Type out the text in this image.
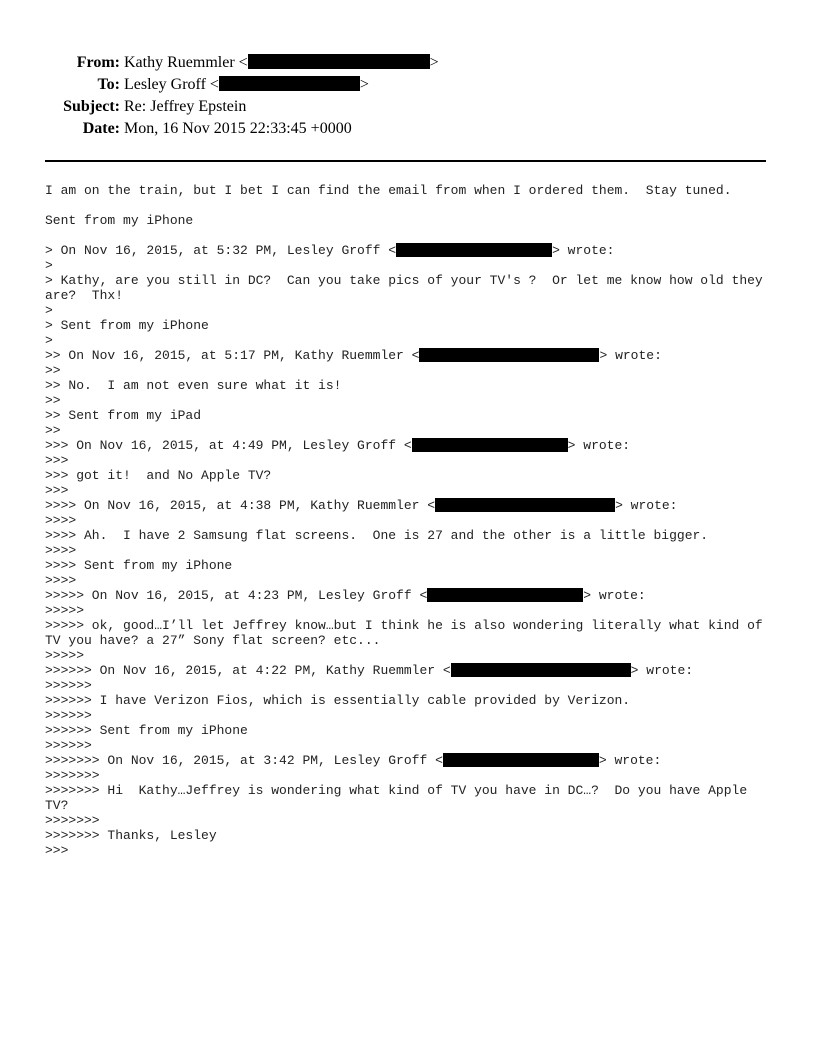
From: Kathy Ruemmler <	>
To: Lesley Groff <	>
Subject: Re: Jeffrey Epstein
Date: Mon, 16 Nov 2015 22:33:45 +0000
I am on the train, but I bet I can find the email from when I ordered them.  Stay tuned.
Sent from my iPhone
> On Nov 16, 2015, at 5:32 PM, Lesley Groff <	> wrote:
>
> Kathy, are you still in DC?  Can you take pics of your TV's ?  Or let me know how old they
are?  Thx!
>
> Sent from my iPhone
>
>> On Nov 16, 2015, at 5:17 PM, Kathy Ruemmler <	> wrote:
>>
>> No.  I am not even sure what it is!
>>
>> Sent from my iPad
>>
>>> On Nov 16, 2015, at 4:49 PM, Lesley Groff <	> wrote:
>>>
>>> got it!  and No Apple TV?
>>>
>>>> On Nov 16, 2015, at 4:38 PM, Kathy Ruemmler <	> wrote:
>>>>
>>>> Ah.  I have 2 Samsung flat screens.  One is 27 and the other is a little bigger.
>>>>
>>>> Sent from my iPhone
>>>>
>>>>> On Nov 16, 2015, at 4:23 PM, Lesley Groff <	> wrote:
>>>>>
>>>>> ok, good…I’ll let Jeffrey know…but I think he is also wondering literally what kind of
TV you have? a 27” Sony flat screen? etc...
>>>>>
>>>>>> On Nov 16, 2015, at 4:22 PM, Kathy Ruemmler <	> wrote:
>>>>>>
>>>>>> I have Verizon Fios, which is essentially cable provided by Verizon.
>>>>>>
>>>>>> Sent from my iPhone
>>>>>>
>>>>>>> On Nov 16, 2015, at 3:42 PM, Lesley Groff <	> wrote:
>>>>>>>
>>>>>>> Hi  Kathy…Jeffrey is wondering what kind of TV you have in DC…?  Do you have Apple
TV?
>>>>>>>
>>>>>>> Thanks, Lesley
>>>
